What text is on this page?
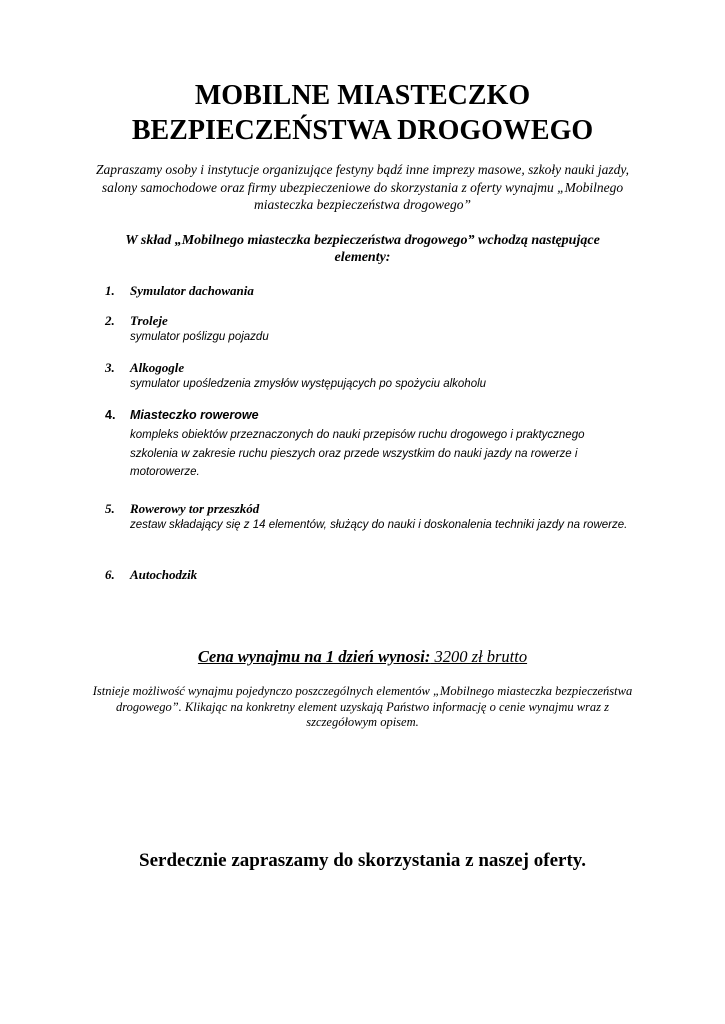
MOBILNE MIASTECZKO
BEZPIECZEŃSTWA DROGOWEGO

Zapraszamy osoby i instytucje organizujące festyny bądź inne imprezy masowe, szkoły nauki jazdy, salony samochodowe oraz firmy ubezpieczeniowe do skorzystania z oferty wynajmu „Mobilnego miasteczka bezpieczeństwa drogowego”

W skład „Mobilnego miasteczka bezpieczeństwa drogowego” wchodzą następujące elementy:

1.	Symulator dachowania
2.	Troleje
symulator poślizgu pojazdu
3.	Alkogogle
symulator upośledzenia zmysłów występujących po spożyciu alkoholu
4.	Miasteczko rowerowe
kompleks obiektów przeznaczonych do nauki przepisów ruchu drogowego i praktycznego szkolenia w zakresie ruchu pieszych oraz przede wszystkim do nauki jazdy na rowerze i motorowerze.
5.	Rowerowy tor przeszkód
zestaw składający się z 14 elementów, służący do nauki i doskonalenia techniki jazdy na rowerze.
6.	Autochodzik

Cena wynajmu na 1 dzień wynosi: 3200 zł brutto

Istnieje możliwość wynajmu pojedynczo poszczególnych elementów „Mobilnego miasteczka bezpieczeństwa drogowego”. Klikając na konkretny element uzyskają Państwo informację o cenie wynajmu wraz z szczegółowym opisem.

Serdecznie zapraszamy do skorzystania z naszej oferty.
